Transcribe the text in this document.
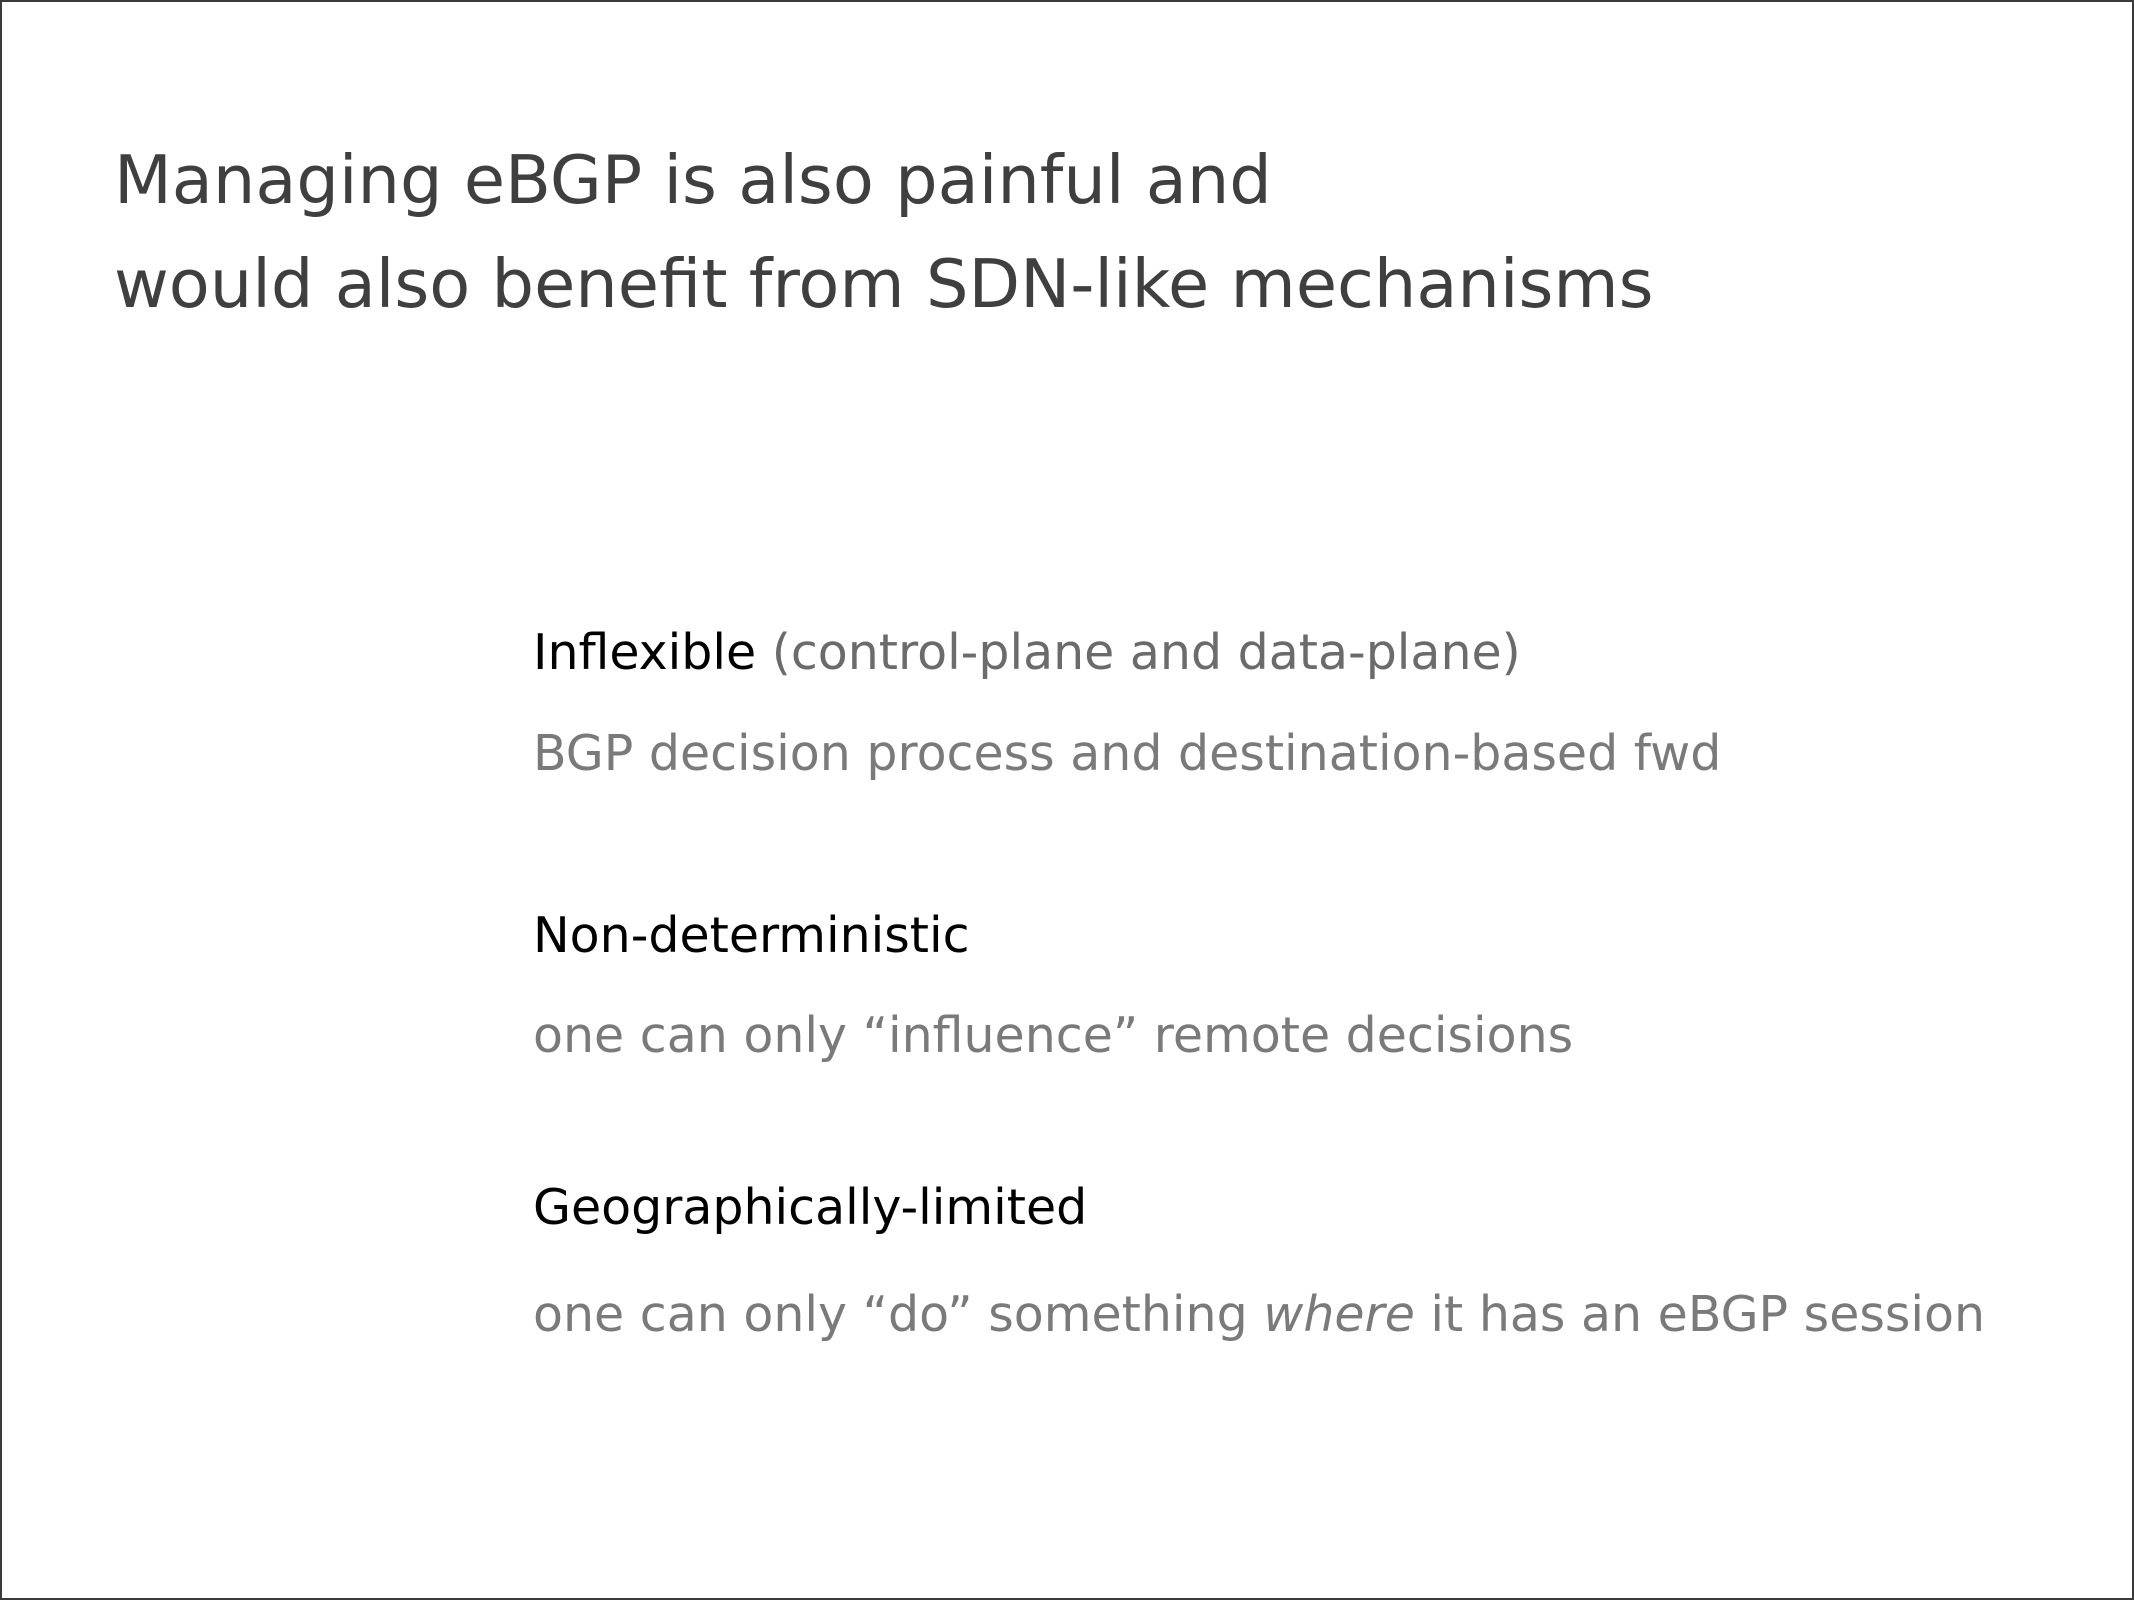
Managing eBGP is also painful and
would also benefit from SDN-like mechanisms

Inflexible (control-plane and data-plane)

BGP decision process and destination-based fwd

Non-deterministic

one can only “influence” remote decisions

Geographically-limited

one can only “do” something where it has an eBGP session
